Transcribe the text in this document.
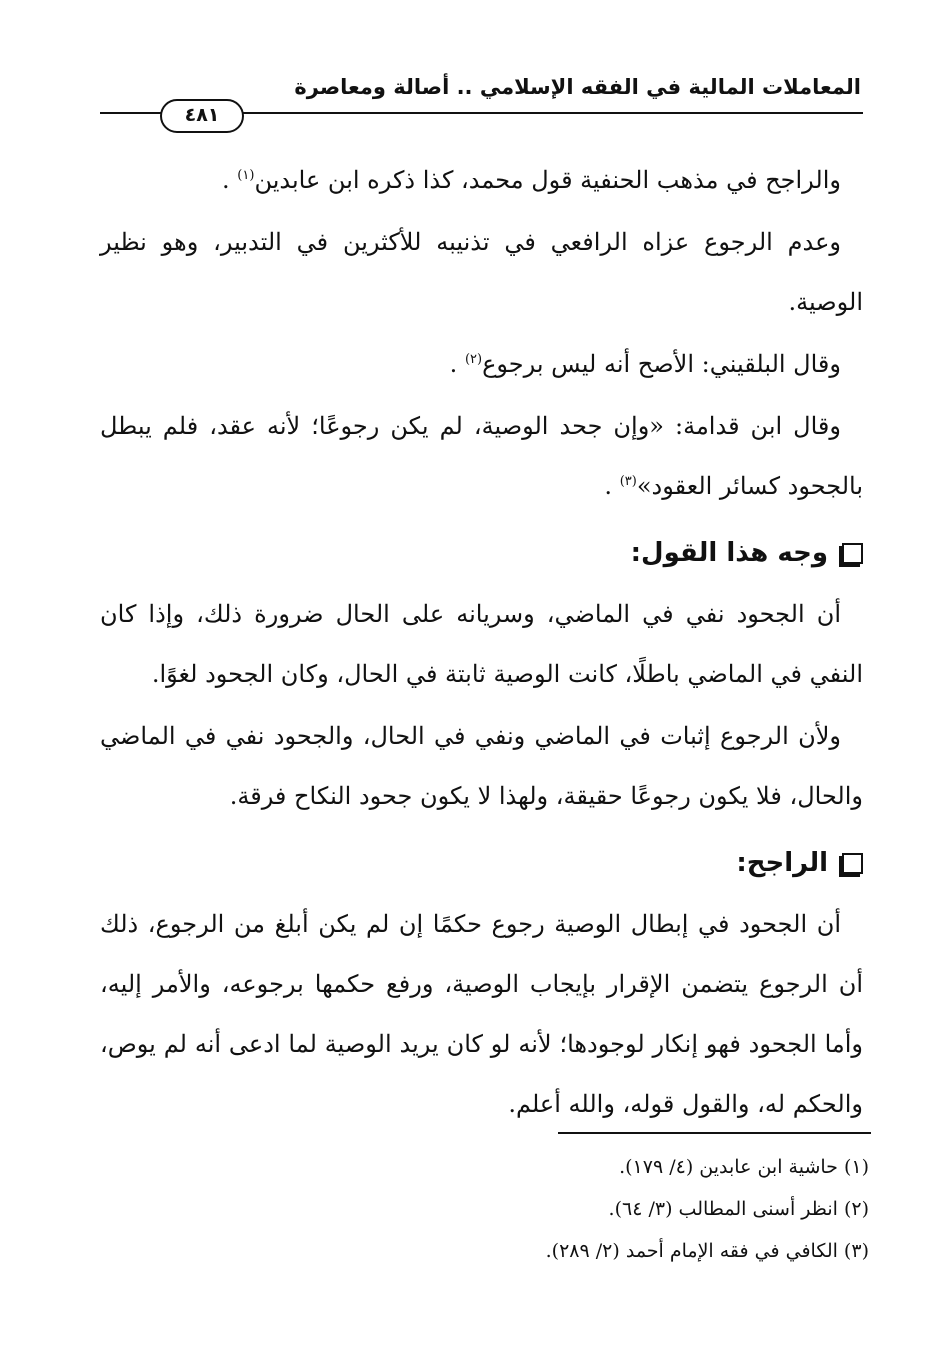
المعاملات المالية في الفقه الإسلامي .. أصالة ومعاصرة
٤٨١

والراجح في مذهب الحنفية قول محمد، كذا ذكره ابن عابدين$^{(١)}$ .

وعدم الرجوع عزاه الرافعي في تذنيبه للأكثرين في التدبير، وهو نظير الوصية.

وقال البلقيني: الأصح أنه ليس برجوع$^{(٢)}$ .

وقال ابن قدامة: «وإن جحد الوصية، لم يكن رجوعًا؛ لأنه عقد، فلم يبطل بالجحود كسائر العقود»$^{(٣)}$ .

وجه هذا القول:

أن الجحود نفي في الماضي، وسريانه على الحال ضرورة ذلك، وإذا كان النفي في الماضي باطلًا، كانت الوصية ثابتة في الحال، وكان الجحود لغوًا.

ولأن الرجوع إثبات في الماضي ونفي في الحال، والجحود نفي في الماضي والحال، فلا يكون رجوعًا حقيقة، ولهذا لا يكون جحود النكاح فرقة.

الراجح:

أن الجحود في إبطال الوصية رجوع حكمًا إن لم يكن أبلغ من الرجوع، ذلك أن الرجوع يتضمن الإقرار بإيجاب الوصية، ورفع حكمها برجوعه، والأمر إليه، وأما الجحود فهو إنكار لوجودها؛ لأنه لو كان يريد الوصية لما ادعى أنه لم يوص، والحكم له، والقول قوله، والله أعلم.

(١) حاشية ابن عابدين (٤/ ١٧٩).

(٢) انظر أسنى المطالب (٣/ ٦٤).

(٣) الكافي في فقه الإمام أحمد (٢/ ٢٨٩).
